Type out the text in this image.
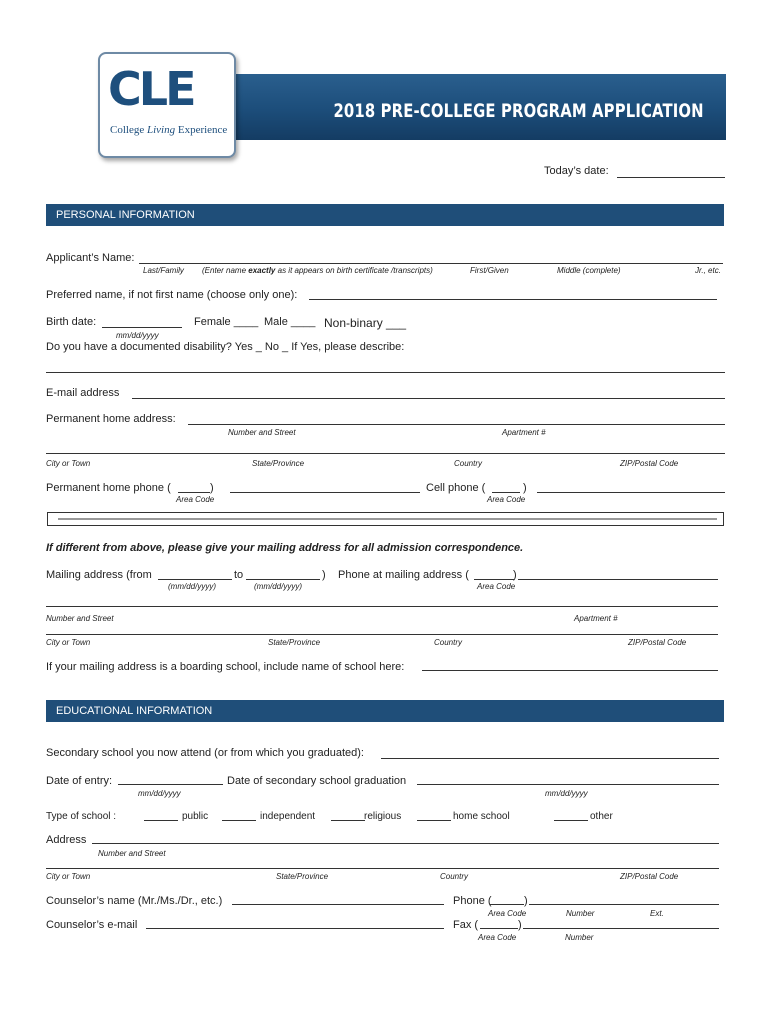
2018 PRE-COLLEGE PROGRAM APPLICATION
CLE
College Living Experience
Today’s date:
PERSONAL INFORMATION
Applicant’s Name:
Last/Family (Enter name exactly as it appears on birth certificate /transcripts)	First/Given	Middle (complete)	Jr., etc.
Preferred name, if not first name (choose only one):
Birth date:	Female ____ Male ____ Non-binary ___
mm/dd/yyyy
Do you have a documented disability? Yes _ No _ If Yes, please describe:
E-mail address
Permanent home address:
Number and Street	Apartment #
City or Town	State/Province	Country	ZIP/Postal Code
Permanent home phone (	)
Area Code
Cell phone (	)
Area Code
If different from above, please give your mailing address for all admission correspondence.
Mailing address (from	to	) Phone at mailing address (	)
(mm/dd/yyyy)	(mm/dd/yyyy)	Area Code
Number and Street	Apartment #
City or Town	State/Province	Country	ZIP/Postal Code
If your mailing address is a boarding school, include name of school here:
EDUCATIONAL INFORMATION
Secondary school you now attend (or from which you graduated):
Date of entry:	Date of secondary school graduation
mm/dd/yyyy	mm/dd/yyyy
Type of school :	public	independent	religious	home school	other
Address
Number and Street
City or Town	State/Province	Country	ZIP/Postal Code
Counselor’s name (Mr./Ms./Dr., etc.)	Phone (	)
Area Code	Number	Ext.
Counselor’s e-mail	Fax (	)
Area Code	Number
